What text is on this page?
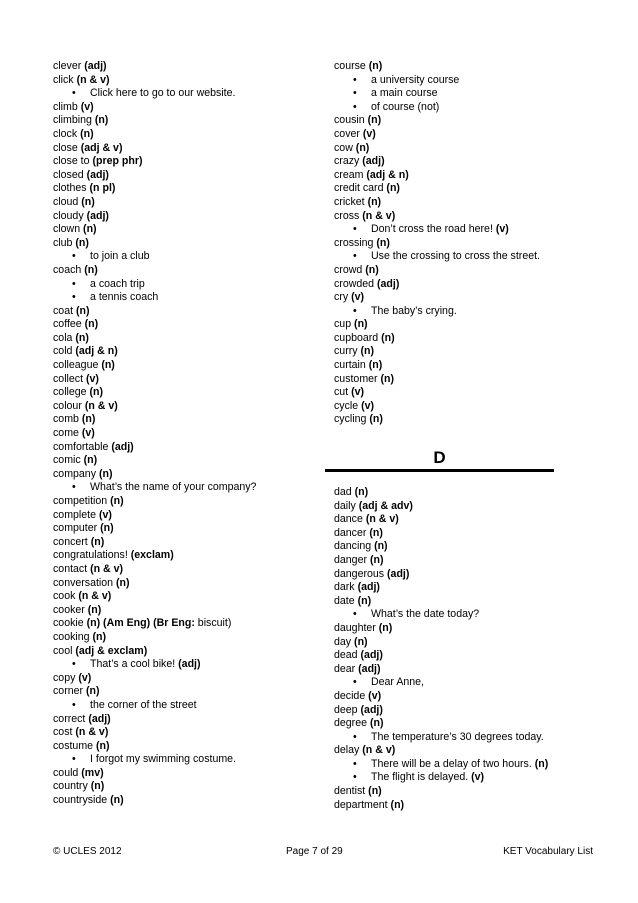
clever (adj)
click (n & v)
• Click here to go to our website.
climb (v)
climbing (n)
clock (n)
close (adj & v)
close to (prep phr)
closed (adj)
clothes (n pl)
cloud (n)
cloudy (adj)
clown (n)
club (n)
• to join a club
coach (n)
• a coach trip
• a tennis coach
coat (n)
coffee (n)
cola (n)
cold (adj & n)
colleague (n)
collect (v)
college (n)
colour (n & v)
comb (n)
come (v)
comfortable (adj)
comic (n)
company (n)
• What’s the name of your company?
competition (n)
complete (v)
computer (n)
concert (n)
congratulations! (exclam)
contact (n & v)
conversation (n)
cook (n & v)
cooker (n)
cookie (n) (Am Eng) (Br Eng: biscuit)
cooking (n)
cool (adj & exclam)
• That’s a cool bike! (adj)
copy (v)
corner (n)
• the corner of the street
correct (adj)
cost (n & v)
costume (n)
• I forgot my swimming costume.
could (mv)
country (n)
countryside (n)
course (n)
• a university course
• a main course
• of course (not)
cousin (n)
cover (v)
cow (n)
crazy (adj)
cream (adj & n)
credit card (n)
cricket (n)
cross (n & v)
• Don’t cross the road here! (v)
crossing (n)
• Use the crossing to cross the street.
crowd (n)
crowded (adj)
cry (v)
• The baby’s crying.
cup (n)
cupboard (n)
curry (n)
curtain (n)
customer (n)
cut (v)
cycle (v)
cycling (n)
D
dad (n)
daily (adj & adv)
dance (n & v)
dancer (n)
dancing (n)
danger (n)
dangerous (adj)
dark (adj)
date (n)
• What’s the date today?
daughter (n)
day (n)
dead (adj)
dear (adj)
• Dear Anne,
decide (v)
deep (adj)
degree (n)
• The temperature’s 30 degrees today.
delay (n & v)
• There will be a delay of two hours. (n)
• The flight is delayed. (v)
dentist (n)
department (n)
© UCLES 2012	Page 7 of 29	KET Vocabulary List
